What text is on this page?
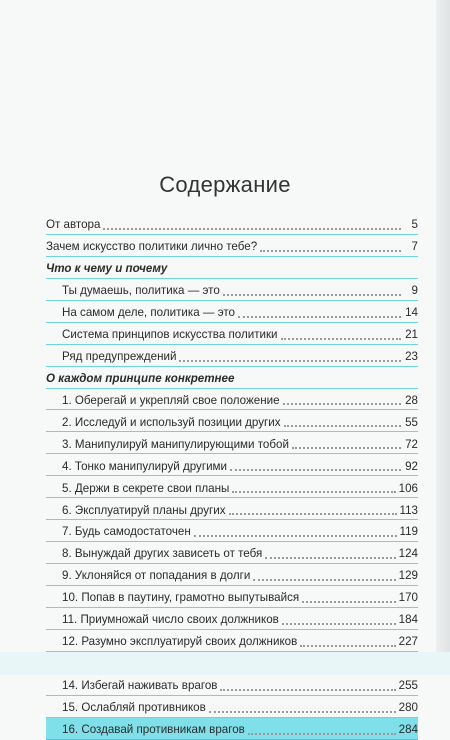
Содержание
От автора	5
Зачем искусство политики лично тебе?	7
Что к чему и почему
Ты думаешь, политика — это	9
На самом деле, политика — это	14
Система принципов искусства политики	21
Ряд предупреждений	23
О каждом принципе конкретнее
1. Оберегай и укрепляй свое положение	28
2. Исследуй и используй позиции других	55
3. Манипулируй манипулирующими тобой	72
4. Тонко манипулируй другими	92
5. Держи в секрете свои планы	106
6. Эксплуатируй планы других	113
7. Будь самодостаточен	119
8. Вынуждай других зависеть от тебя	124
9. Уклоняйся от попадания в долги	129
10. Попав в паутину, грамотно выпутывайся	170
11. Приумножай число своих должников	184
12. Разумно эксплуатируй своих должников	227
14. Избегай наживать врагов	255
15. Ослабляй противников	280
16. Создавай противникам врагов	284
